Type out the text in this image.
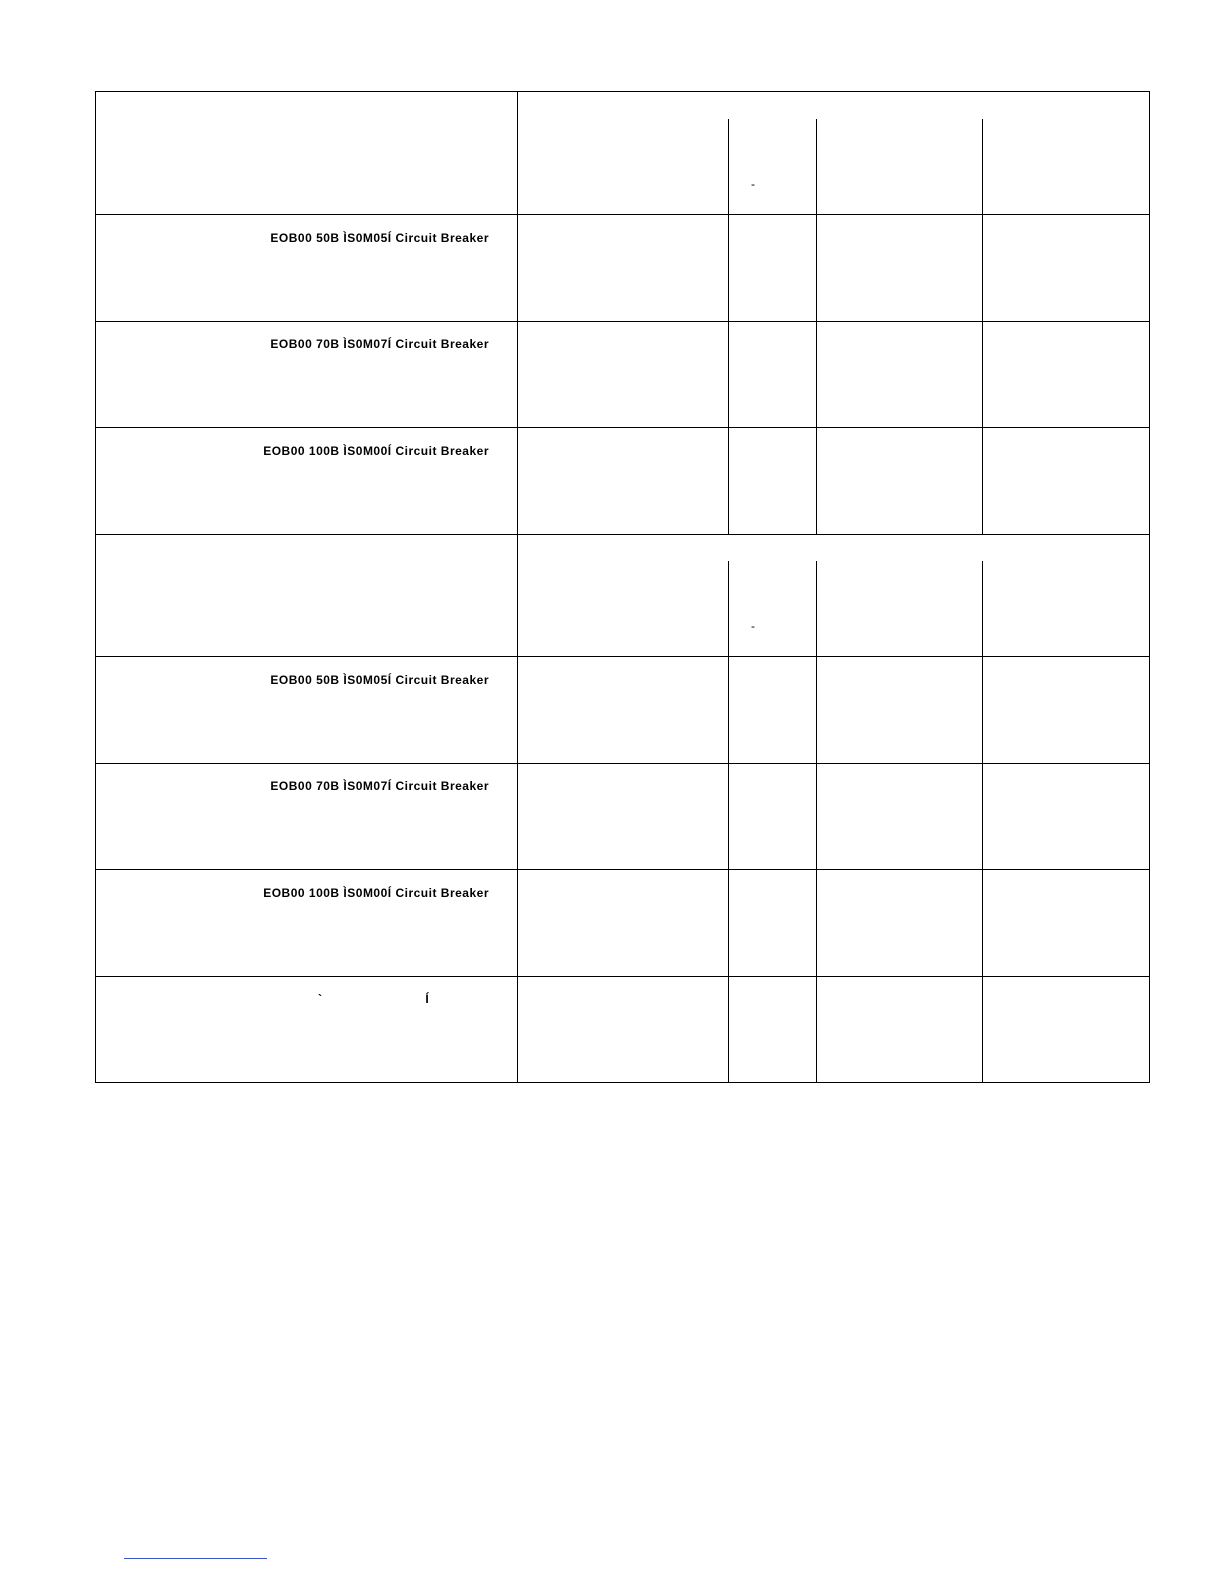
-
-
EOB00 50B ÌS0M05Í Circuit Breaker
EOB00 70B ÌS0M07Í Circuit Breaker
EOB00 100B ÌS0M00Í Circuit Breaker
EOB00 50B ÌS0M05Í Circuit Breaker
EOB00 70B ÌS0M07Í Circuit Breaker
EOB00 100B ÌS0M00Í Circuit Breaker
` Í
